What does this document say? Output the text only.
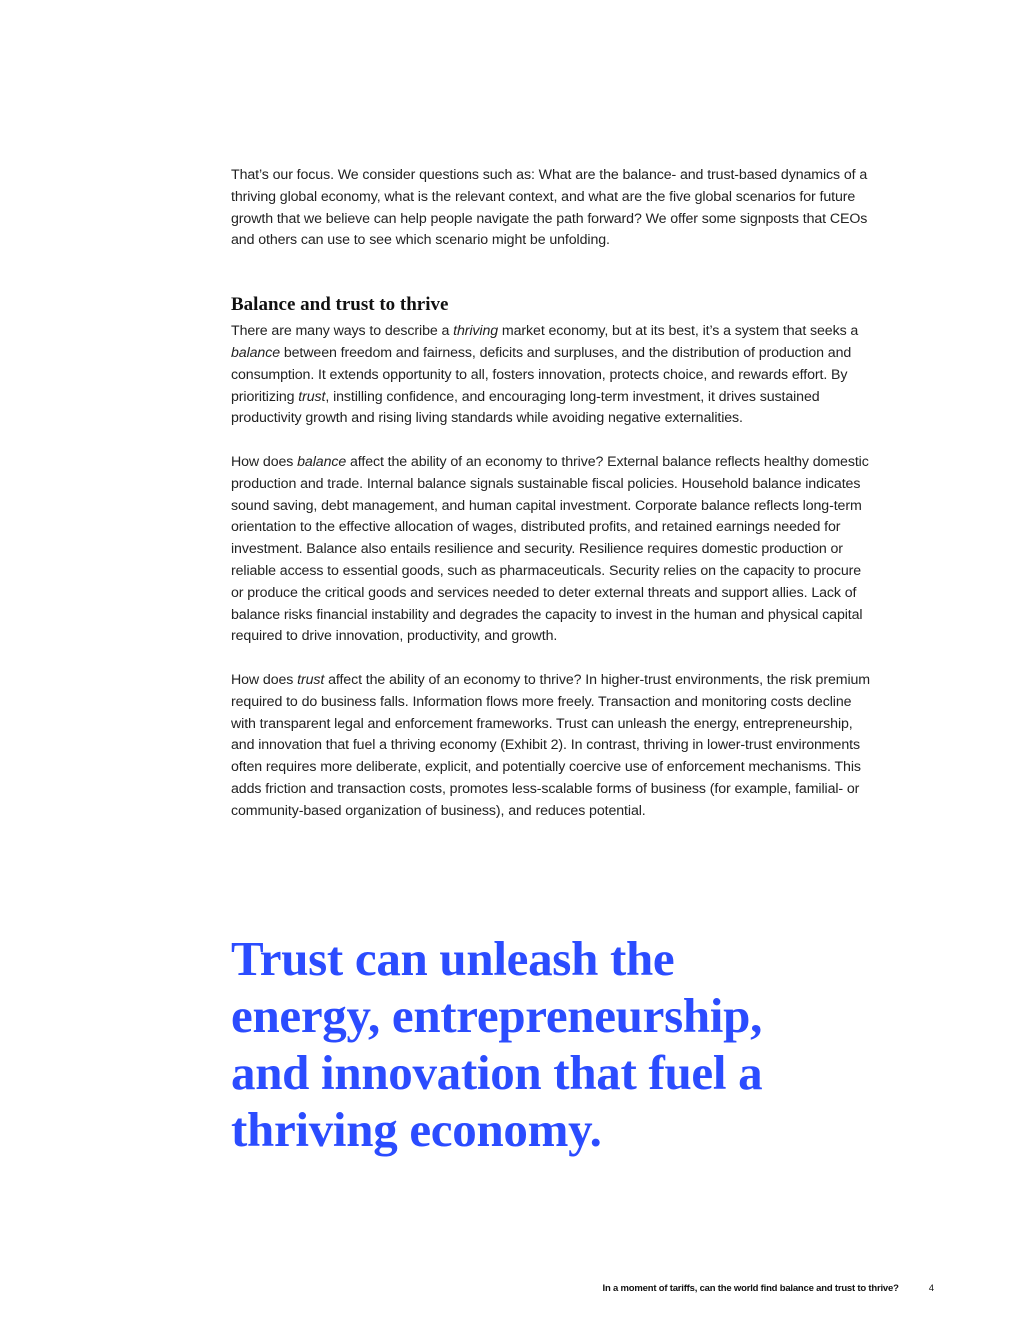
That’s our focus. We consider questions such as: What are the balance- and trust-based dynamics of a thriving global economy, what is the relevant context, and what are the five global scenarios for future growth that we believe can help people navigate the path forward? We offer some signposts that CEOs and others can use to see which scenario might be unfolding.

Balance and trust to thrive

There are many ways to describe a thriving market economy, but at its best, it’s a system that seeks a balance between freedom and fairness, deficits and surpluses, and the distribution of production and consumption. It extends opportunity to all, fosters innovation, protects choice, and rewards effort. By prioritizing trust, instilling confidence, and encouraging long-term investment, it drives sustained productivity growth and rising living standards while avoiding negative externalities.

How does balance affect the ability of an economy to thrive? External balance reflects healthy domestic production and trade. Internal balance signals sustainable fiscal policies. Household balance indicates sound saving, debt management, and human capital investment. Corporate balance reflects long-term orientation to the effective allocation of wages, distributed profits, and retained earnings needed for investment. Balance also entails resilience and security. Resilience requires domestic production or reliable access to essential goods, such as pharmaceuticals. Security relies on the capacity to procure or produce the critical goods and services needed to deter external threats and support allies. Lack of balance risks financial instability and degrades the capacity to invest in the human and physical capital required to drive innovation, productivity, and growth.

How does trust affect the ability of an economy to thrive? In higher-trust environments, the risk premium required to do business falls. Information flows more freely. Transaction and monitoring costs decline with transparent legal and enforcement frameworks. Trust can unleash the energy, entrepreneurship, and innovation that fuel a thriving economy (Exhibit 2). In contrast, thriving in lower-trust environments often requires more deliberate, explicit, and potentially coercive use of enforcement mechanisms. This adds friction and transaction costs, promotes less-scalable forms of business (for example, familial- or community-based organization of business), and reduces potential.

Trust can unleash the energy, entrepreneurship, and innovation that fuel a thriving economy.

In a moment of tariffs, can the world find balance and trust to thrive?	4
